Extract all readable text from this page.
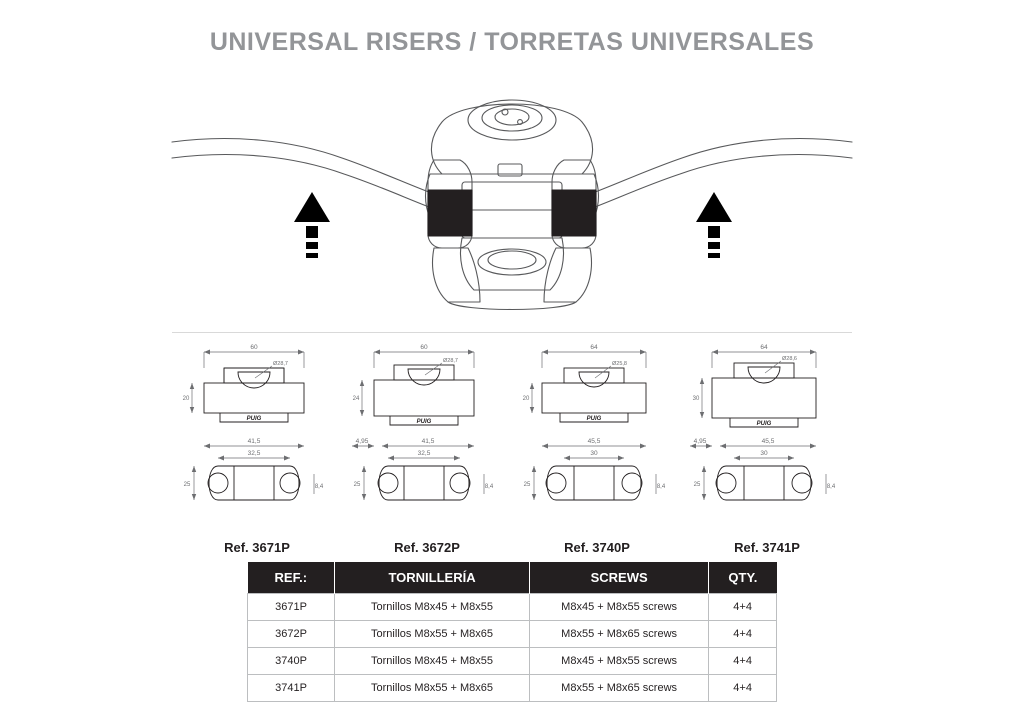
UNIVERSAL RISERS / TORRETAS UNIVERSALES
60
Ø28,7
20
PUIG
41,5
32,5
25	8,4
60
Ø28,7
24
PUIG
4,95	41,5
32,5
25	8,4
64
Ø25,8
20
PUIG
45,5
30
25	8,4
64
Ø28,6
30
PUIG
4,95	45,5
30
25	8,4
Ref. 3671P	Ref. 3672P	Ref. 3740P	Ref. 3741P
REF.:	TORNILLERÍA	SCREWS	QTY.
3671P	Tornillos M8x45 + M8x55	M8x45 + M8x55 screws	4+4
3672P	Tornillos M8x55 + M8x65	M8x55 + M8x65 screws	4+4
3740P	Tornillos M8x45 + M8x55	M8x45 + M8x55 screws	4+4
3741P	Tornillos M8x55 + M8x65	M8x55 + M8x65 screws	4+4
